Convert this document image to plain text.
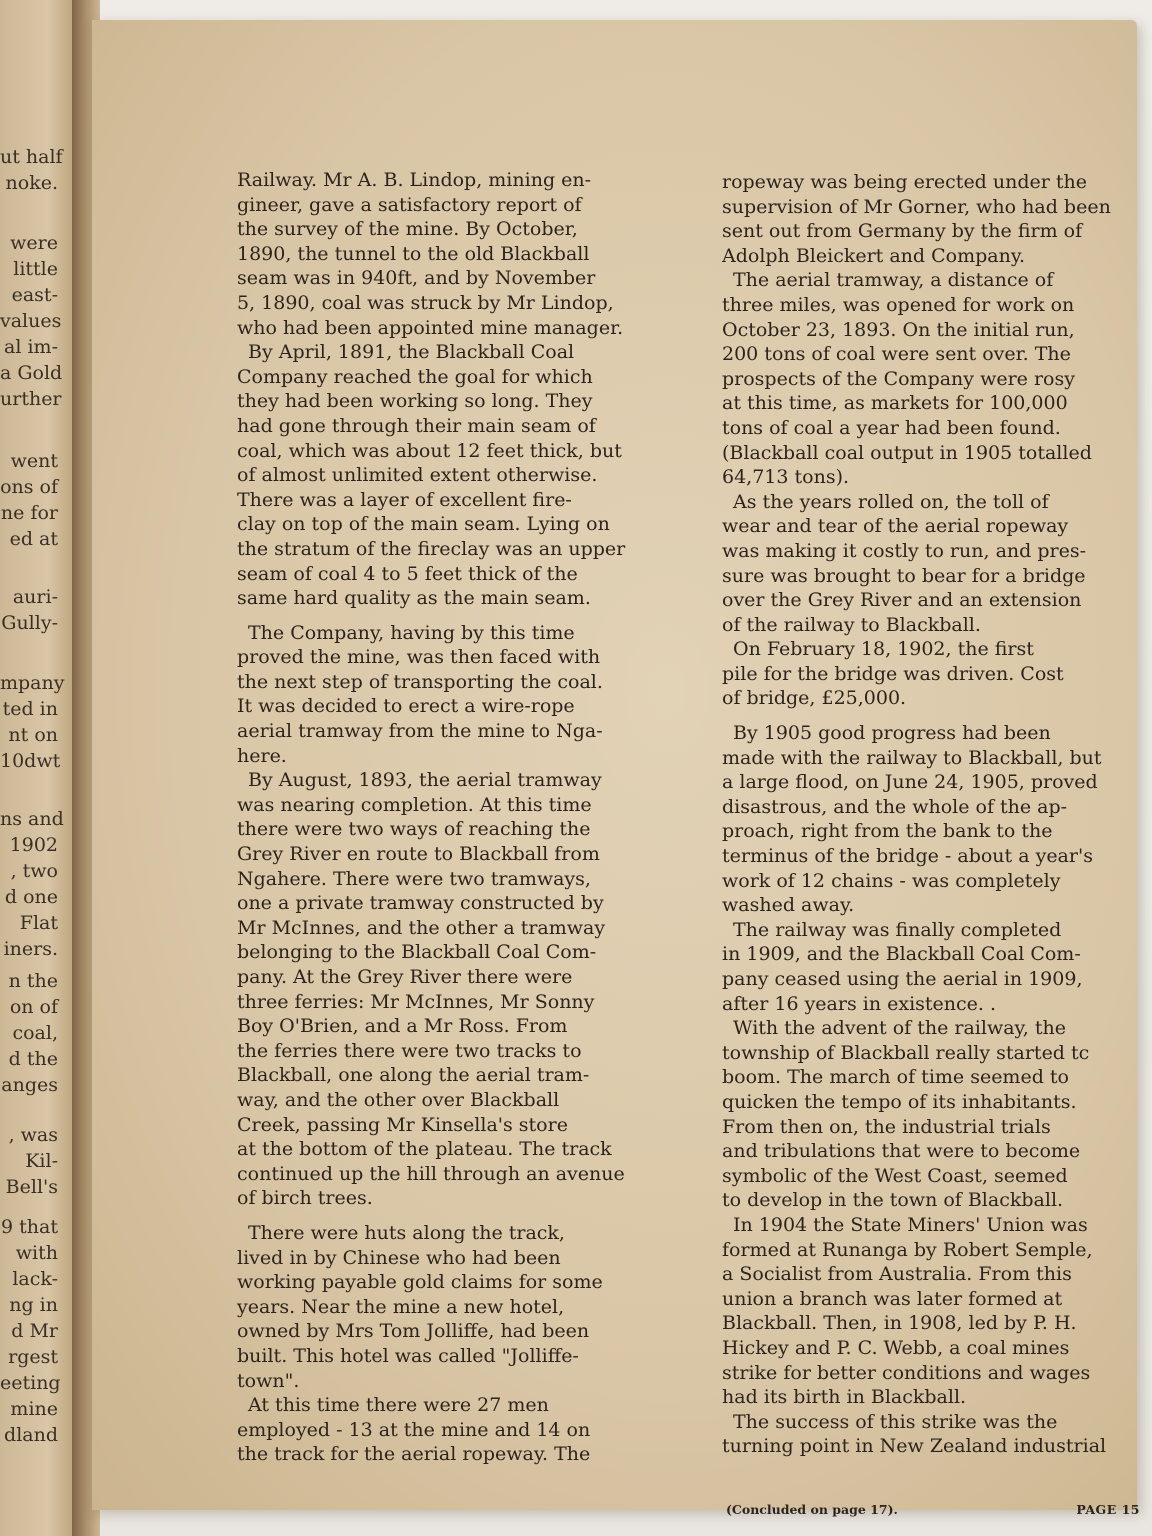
ut half
noke.
were
little
east-
values
al im-
a Gold
urther
went
ons of
ne for
ed at
auri-
Gully-
mpany
ted in
nt on
10dwt
ns and
1902
, two
d one
Flat
iners.
n the
on of
coal,
d the
anges
, was
Kil-
Bell's
9 that
with
lack-
ng in
d Mr
rgest
eeting
mine
dland

Railway. Mr A. B. Lindop, mining en-

gineer, gave a satisfactory report of

the survey of the mine. By October,

1890, the tunnel to the old Blackball

seam was in 940ft, and by November

5, 1890, coal was struck by Mr Lindop,

who had been appointed mine manager.

By April, 1891, the Blackball Coal

Company reached the goal for which

they had been working so long. They

had gone through their main seam of

coal, which was about 12 feet thick, but

of almost unlimited extent otherwise.

There was a layer of excellent fire-

clay on top of the main seam. Lying on

the stratum of the fireclay was an upper

seam of coal 4 to 5 feet thick of the

same hard quality as the main seam.

The Company, having by this time

proved the mine, was then faced with

the next step of transporting the coal.

It was decided to erect a wire-rope

aerial tramway from the mine to Nga-

here.

By August, 1893, the aerial tramway

was nearing completion. At this time

there were two ways of reaching the

Grey River en route to Blackball from

Ngahere. There were two tramways,

one a private tramway constructed by

Mr McInnes, and the other a tramway

belonging to the Blackball Coal Com-

pany. At the Grey River there were

three ferries: Mr McInnes, Mr Sonny

Boy O'Brien, and a Mr Ross. From

the ferries there were two tracks to

Blackball, one along the aerial tram-

way, and the other over Blackball

Creek, passing Mr Kinsella's store

at the bottom of the plateau. The track

continued up the hill through an avenue

of birch trees.

There were huts along the track,

lived in by Chinese who had been

working payable gold claims for some

years. Near the mine a new hotel,

owned by Mrs Tom Jolliffe, had been

built. This hotel was called "Jolliffe-

town".

At this time there were 27 men

employed - 13 at the mine and 14 on

the track for the aerial ropeway. The

ropeway was being erected under the

supervision of Mr Gorner, who had been

sent out from Germany by the firm of

Adolph Bleickert and Company.

The aerial tramway, a distance of

three miles, was opened for work on

October 23, 1893. On the initial run,

200 tons of coal were sent over. The

prospects of the Company were rosy

at this time, as markets for 100,000

tons of coal a year had been found.

(Blackball coal output in 1905 totalled

64,713 tons).

As the years rolled on, the toll of

wear and tear of the aerial ropeway

was making it costly to run, and pres-

sure was brought to bear for a bridge

over the Grey River and an extension

of the railway to Blackball.

On February 18, 1902, the first

pile for the bridge was driven. Cost

of bridge, £25,000.

By 1905 good progress had been

made with the railway to Blackball, but

a large flood, on June 24, 1905, proved

disastrous, and the whole of the ap-

proach, right from the bank to the

terminus of the bridge - about a year's

work of 12 chains - was completely

washed away.

The railway was finally completed

in 1909, and the Blackball Coal Com-

pany ceased using the aerial in 1909,

after 16 years in existence. .

With the advent of the railway, the

township of Blackball really started tc

boom. The march of time seemed to

quicken the tempo of its inhabitants.

From then on, the industrial trials

and tribulations that were to become

symbolic of the West Coast, seemed

to develop in the town of Blackball.

In 1904 the State Miners' Union was

formed at Runanga by Robert Semple,

a Socialist from Australia. From this

union a branch was later formed at

Blackball. Then, in 1908, led by P. H.

Hickey and P. C. Webb, a coal mines

strike for better conditions and wages

had its birth in Blackball.

The success of this strike was the

turning point in New Zealand industrial

(Concluded on page 17).	PAGE 15
